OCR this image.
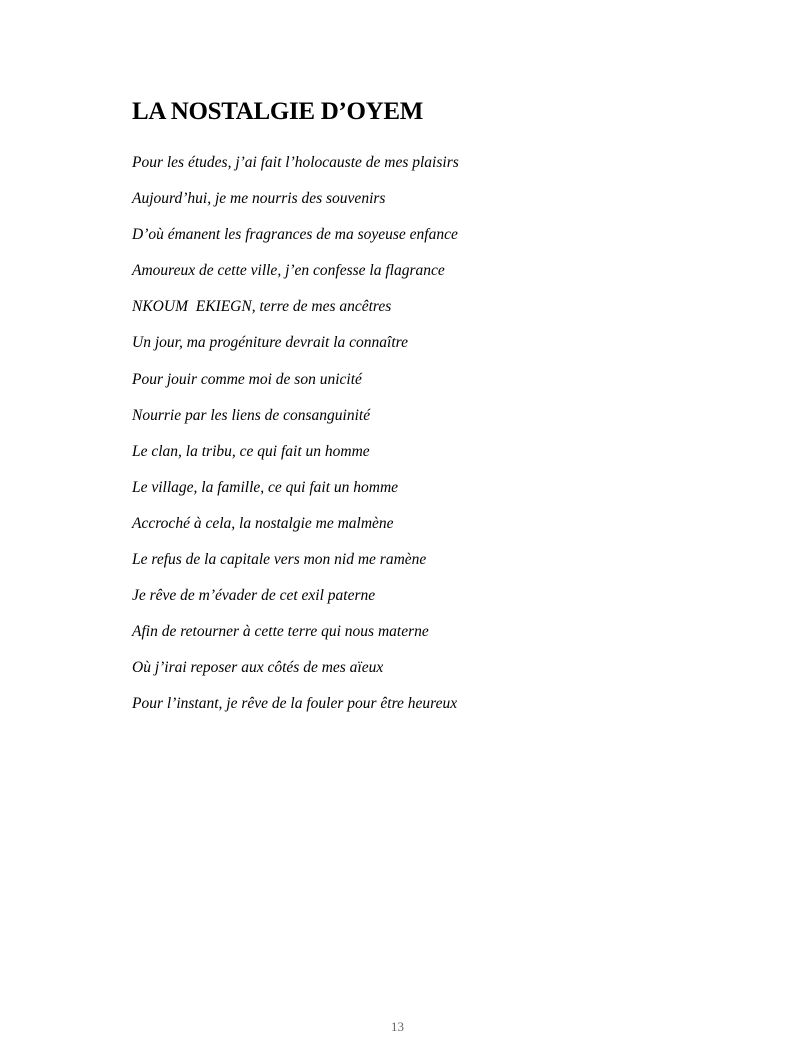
LA NOSTALGIE D’OYEM
Pour les études, j’ai fait l’holocauste de mes plaisirs
Aujourd’hui, je me nourris des souvenirs
D’où émanent les fragrances de ma soyeuse enfance
Amoureux de cette ville, j’en confesse la flagrance
NKOUM  EKIEGN, terre de mes ancêtres
Un jour, ma progéniture devrait la connaître
Pour jouir comme moi de son unicité
Nourrie par les liens de consanguinité
Le clan, la tribu, ce qui fait un homme
Le village, la famille, ce qui fait un homme
Accroché à cela, la nostalgie me malmène
Le refus de la capitale vers mon nid me ramène
Je rêve de m’évader de cet exil paterne
Afin de retourner à cette terre qui nous materne
Où j’irai reposer aux côtés de mes aïeux
Pour l’instant, je rêve de la fouler pour être heureux
13
